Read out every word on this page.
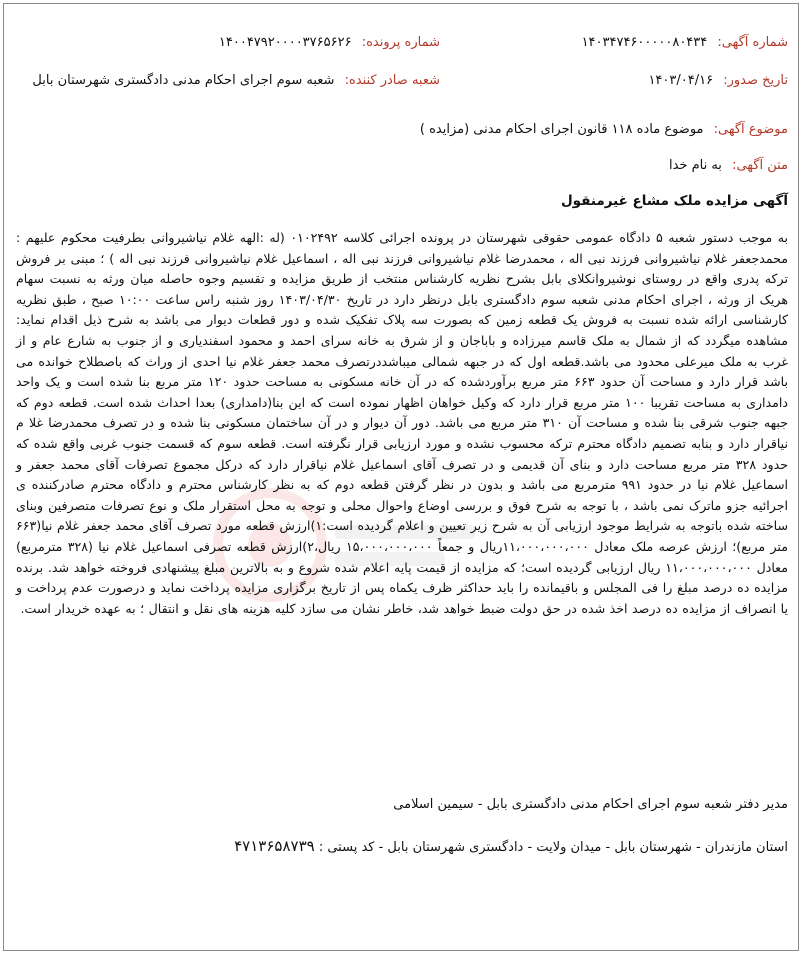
شماره آگهی: ۱۴۰۳۴۷۴۶۰۰۰۰۰۸۰۴۳۴
شماره پرونده: ۱۴۰۰۴۷۹۲۰۰۰۰۳۷۶۵۶۲۶
تاریخ صدور: ۱۴۰۳/۰۴/۱۶
شعبه صادر کننده: شعبه سوم اجرای احکام مدنی دادگستری شهرستان بابل
موضوع آگهی: موضوع ماده ۱۱۸ قانون اجرای احکام مدنی (مزایده )
متن آگهی: به نام خدا
آگهی مزایده ملک مشاع غیرمنقول
به موجب دستور شعبه ۵ دادگاه عمومی حقوقی شهرستان در پرونده اجرائی کلاسه ۰۱۰۲۴۹۲ (له :الهه غلام نیاشیروانی بطرفیت محکوم علیهم : محمدجعفر غلام نیاشیروانی فرزند نبی اله ، محمدرضا غلام نیاشیروانی فرزند نبی اله ، اسماعیل غلام نیاشیروانی فرزند نبی اله ) ؛ مبنی بر فروش ترکه پدری واقع در روستای نوشیروانکلای بابل بشرح نظریه کارشناس منتخب از طریق مزایده و تقسیم وجوه حاصله میان ورثه به نسبت سهام هریک از ورثه ، اجرای احکام مدنی شعبه سوم دادگستری بابل درنظر دارد در تاریخ ۱۴۰۳/۰۴/۳۰ روز شنبه راس ساعت ۱۰:۰۰ صبح ، طبق نظریه کارشناسی ارائه شده نسبت به فروش یک قطعه زمین که بصورت سه پلاک تفکیک شده و دور قطعات دیوار می باشد به شرح ذیل اقدام نماید: مشاهده میگردد که از شمال به ملک قاسم میرزاده و باباجان و از شرق به خانه سرای احمد و محمود اسفندیاری و از جنوب به شارع عام و از غرب به ملک میرعلی محدود می باشد.قطعه اول که در جبهه شمالی میباشددرتصرف محمد جعفر غلام نیا احدی از وراث که باصطلاح خوانده می باشد قرار دارد و مساحت آن حدود ۶۶۳ متر مربع برآوردشده که در آن خانه مسکونی به مساحت حدود ۱۲۰ متر مربع بنا شده است و یک واحد دامداری به مساحت تقریبا ۱۰۰ متر مربع قرار دارد که وکیل خواهان اظهار نموده است که این بنا(دامداری) بعدا احداث شده است. قطعه دوم که جبهه جنوب شرقی بنا شده و مساحت آن ۳۱۰ متر مربع می باشد. دور آن دیوار و در آن ساختمان مسکونی بنا شده و در تصرف محمدرضا غلا م نیاقرار دارد و بنابه تصمیم دادگاه محترم ترکه محسوب نشده و مورد ارزیابی قرار نگرفته است. قطعه سوم که قسمت جنوب غربی واقع شده که حدود ۳۲۸ متر مربع مساحت دارد و بنای آن قدیمی و در تصرف آقای اسماعیل غلام نیاقرار دارد که درکل مجموع تصرفات آقای محمد جعفر و اسماعیل غلام نیا در حدود ۹۹۱ مترمربع می باشد و بدون در نظر گرفتن قطعه دوم که به نظر کارشناس محترم و دادگاه محترم صادرکننده ی اجرائیه جزو ماترک نمی باشد ، با توجه به شرح فوق و بررسی اوضاع واحوال محلی و توجه به محل استقرار ملک و نوع تصرفات متصرفین وبنای ساخته شده باتوجه به شرایط موجود ارزیابی آن به شرح زیر تعیین و اعلام گردیده است:۱)ارزش قطعه مورد تصرف آقای محمد جعفر غلام نیا(۶۶۳ متر مربع)؛ ارزش عرصه ملک معادل ۱۱،۰۰۰،۰۰۰،۰۰۰ریال و جمعاً ۱۵،۰۰۰،۰۰۰،۰۰۰ ریال،۲)ارزش قطعه تصرفی اسماعیل غلام نیا (۳۲۸ مترمربع) معادل ۱۱،۰۰۰،۰۰۰،۰۰۰ ریال ارزیابی گردیده است؛ که مزایده از قیمت پایه اعلام شده شروع و به بالاترین مبلغ پیشنهادی فروخته خواهد شد. برنده مزایده ده درصد مبلغ را فی المجلس و باقیمانده را باید حداکثر ظرف یکماه پس از تاریخ برگزاری مزایده پرداخت نماید و درصورت عدم پرداخت و یا انصراف از مزایده ده درصد اخذ شده در حق دولت ضبط خواهد شد، خاطر نشان می سازد کلیه هزینه های نقل و انتقال ؛ به عهده خریدار است.
مدیر دفتر شعبه سوم اجرای احکام مدنی دادگستری بابل - سیمین اسلامی
استان مازندران - شهرستان بابل - میدان ولایت - دادگستری شهرستان بابل - کد پستی : ۴۷۱۳۶۵۸۷۳۹
